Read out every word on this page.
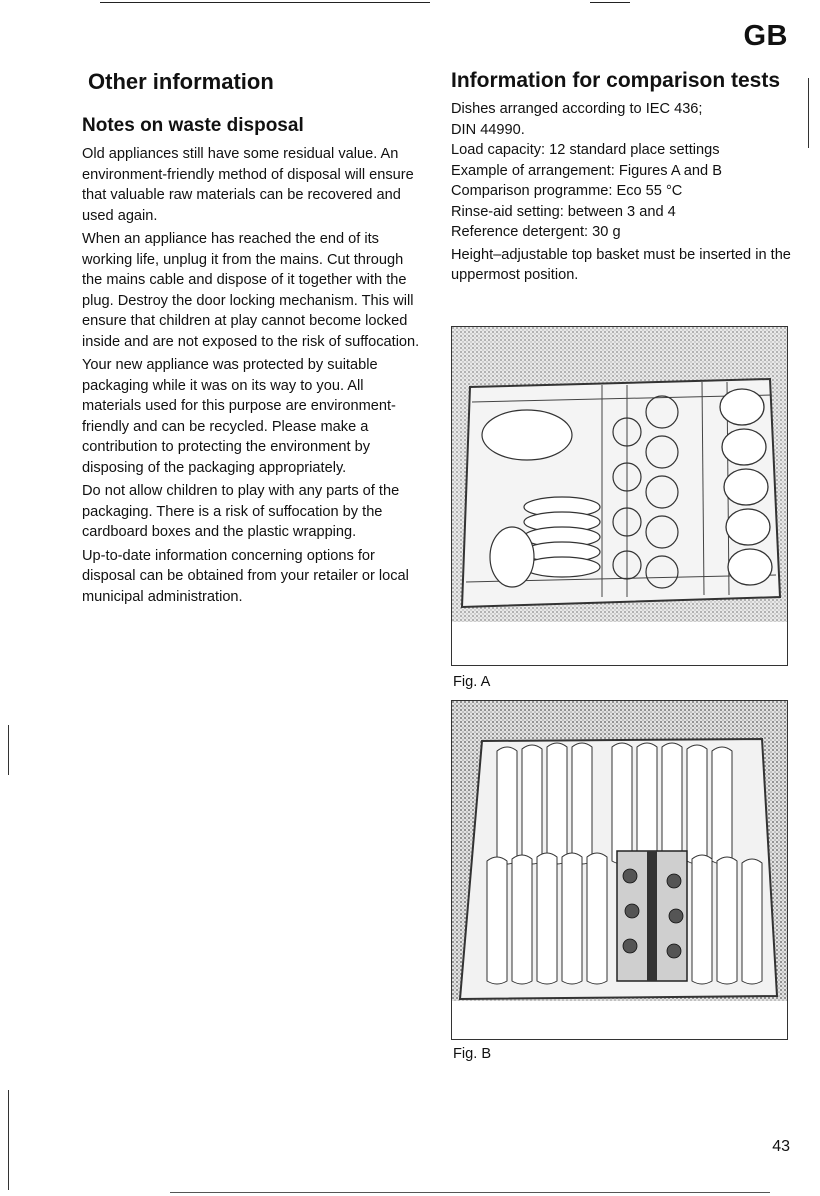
GB
Other information
Notes on waste disposal

Old appliances still have some residual value. An environment-friendly method of disposal will ensure that valuable raw materials can be recovered and used again.

When an appliance has reached the end of its working life, unplug it from the mains. Cut through the mains cable and dispose of it together with the plug. Destroy the door locking mechanism. This will ensure that children at play cannot become locked inside and are not exposed to the risk of suffocation.

Your new appliance was protected by suitable packaging while it was on its way to you. All materials used for this purpose are environment-friendly and can be recycled. Please make a contribution to protecting the environment by disposing of the packaging appropriately.

Do not allow children to play with any parts of the packaging. There is a risk of suffocation by the cardboard boxes and the plastic wrapping.

Up-to-date information concerning options for disposal can be obtained from your retailer or local municipal administration.

Information for comparison tests
Dishes arranged according to IEC 436;
DIN 44990.
Load capacity: 12 standard place settings
Example of arrangement: Figures A and B
Comparison programme: Eco 55 °C
Rinse-aid setting: between 3 and 4
Reference detergent: 30 g

Height–adjustable top basket must be inserted in the uppermost position.

Fig. A
Fig. B
43
